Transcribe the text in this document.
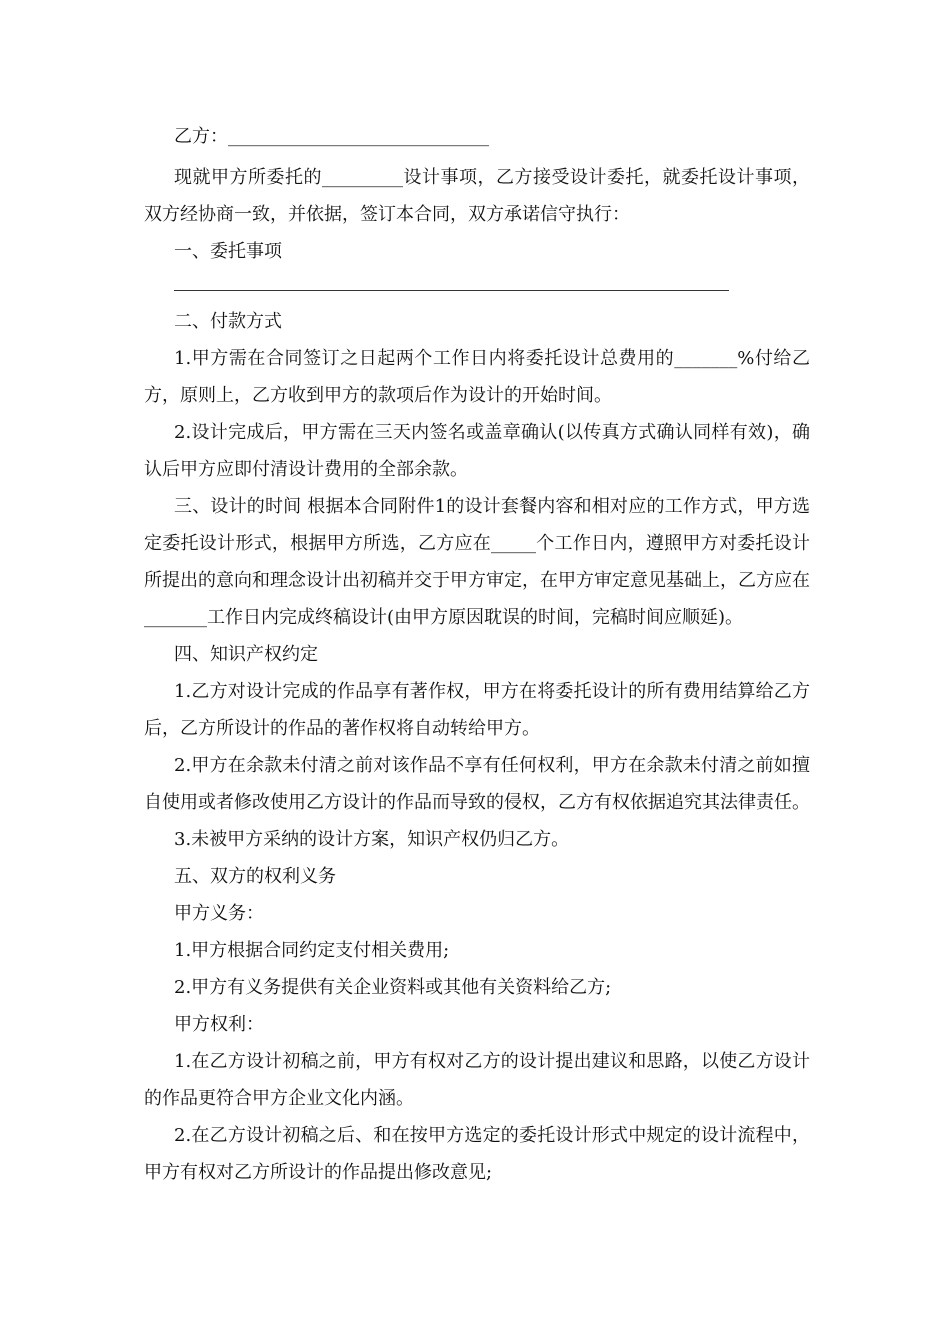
乙方：_____________________________

现就甲方所委托的_________设计事项，乙方接受设计委托，就委托设计事项，双方经协商一致，并依据，签订本合同，双方承诺信守执行：

一、委托事项

二、付款方式

1.甲方需在合同签订之日起两个工作日内将委托设计总费用的_______%付给乙方，原则上，乙方收到甲方的款项后作为设计的开始时间。

2.设计完成后，甲方需在三天内签名或盖章确认(以传真方式确认同样有效)，确认后甲方应即付清设计费用的全部余款。

三、设计的时间 根据本合同附件1的设计套餐内容和相对应的工作方式，甲方选定委托设计形式，根据甲方所选，乙方应在_____个工作日内，遵照甲方对委托设计所提出的意向和理念设计出初稿并交于甲方审定，在甲方审定意见基础上，乙方应在_______工作日内完成终稿设计(由甲方原因耽误的时间，完稿时间应顺延)。

四、知识产权约定

1.乙方对设计完成的作品享有著作权，甲方在将委托设计的所有费用结算给乙方后，乙方所设计的作品的著作权将自动转给甲方。

2.甲方在余款未付清之前对该作品不享有任何权利，甲方在余款未付清之前如擅自使用或者修改使用乙方设计的作品而导致的侵权，乙方有权依据追究其法律责任。

3.未被甲方采纳的设计方案，知识产权仍归乙方。

五、双方的权利义务

甲方义务：

1.甲方根据合同约定支付相关费用;

2.甲方有义务提供有关企业资料或其他有关资料给乙方;

甲方权利：

1.在乙方设计初稿之前，甲方有权对乙方的设计提出建议和思路，以使乙方设计的作品更符合甲方企业文化内涵。

2.在乙方设计初稿之后、和在按甲方选定的委托设计形式中规定的设计流程中，甲方有权对乙方所设计的作品提出修改意见;
